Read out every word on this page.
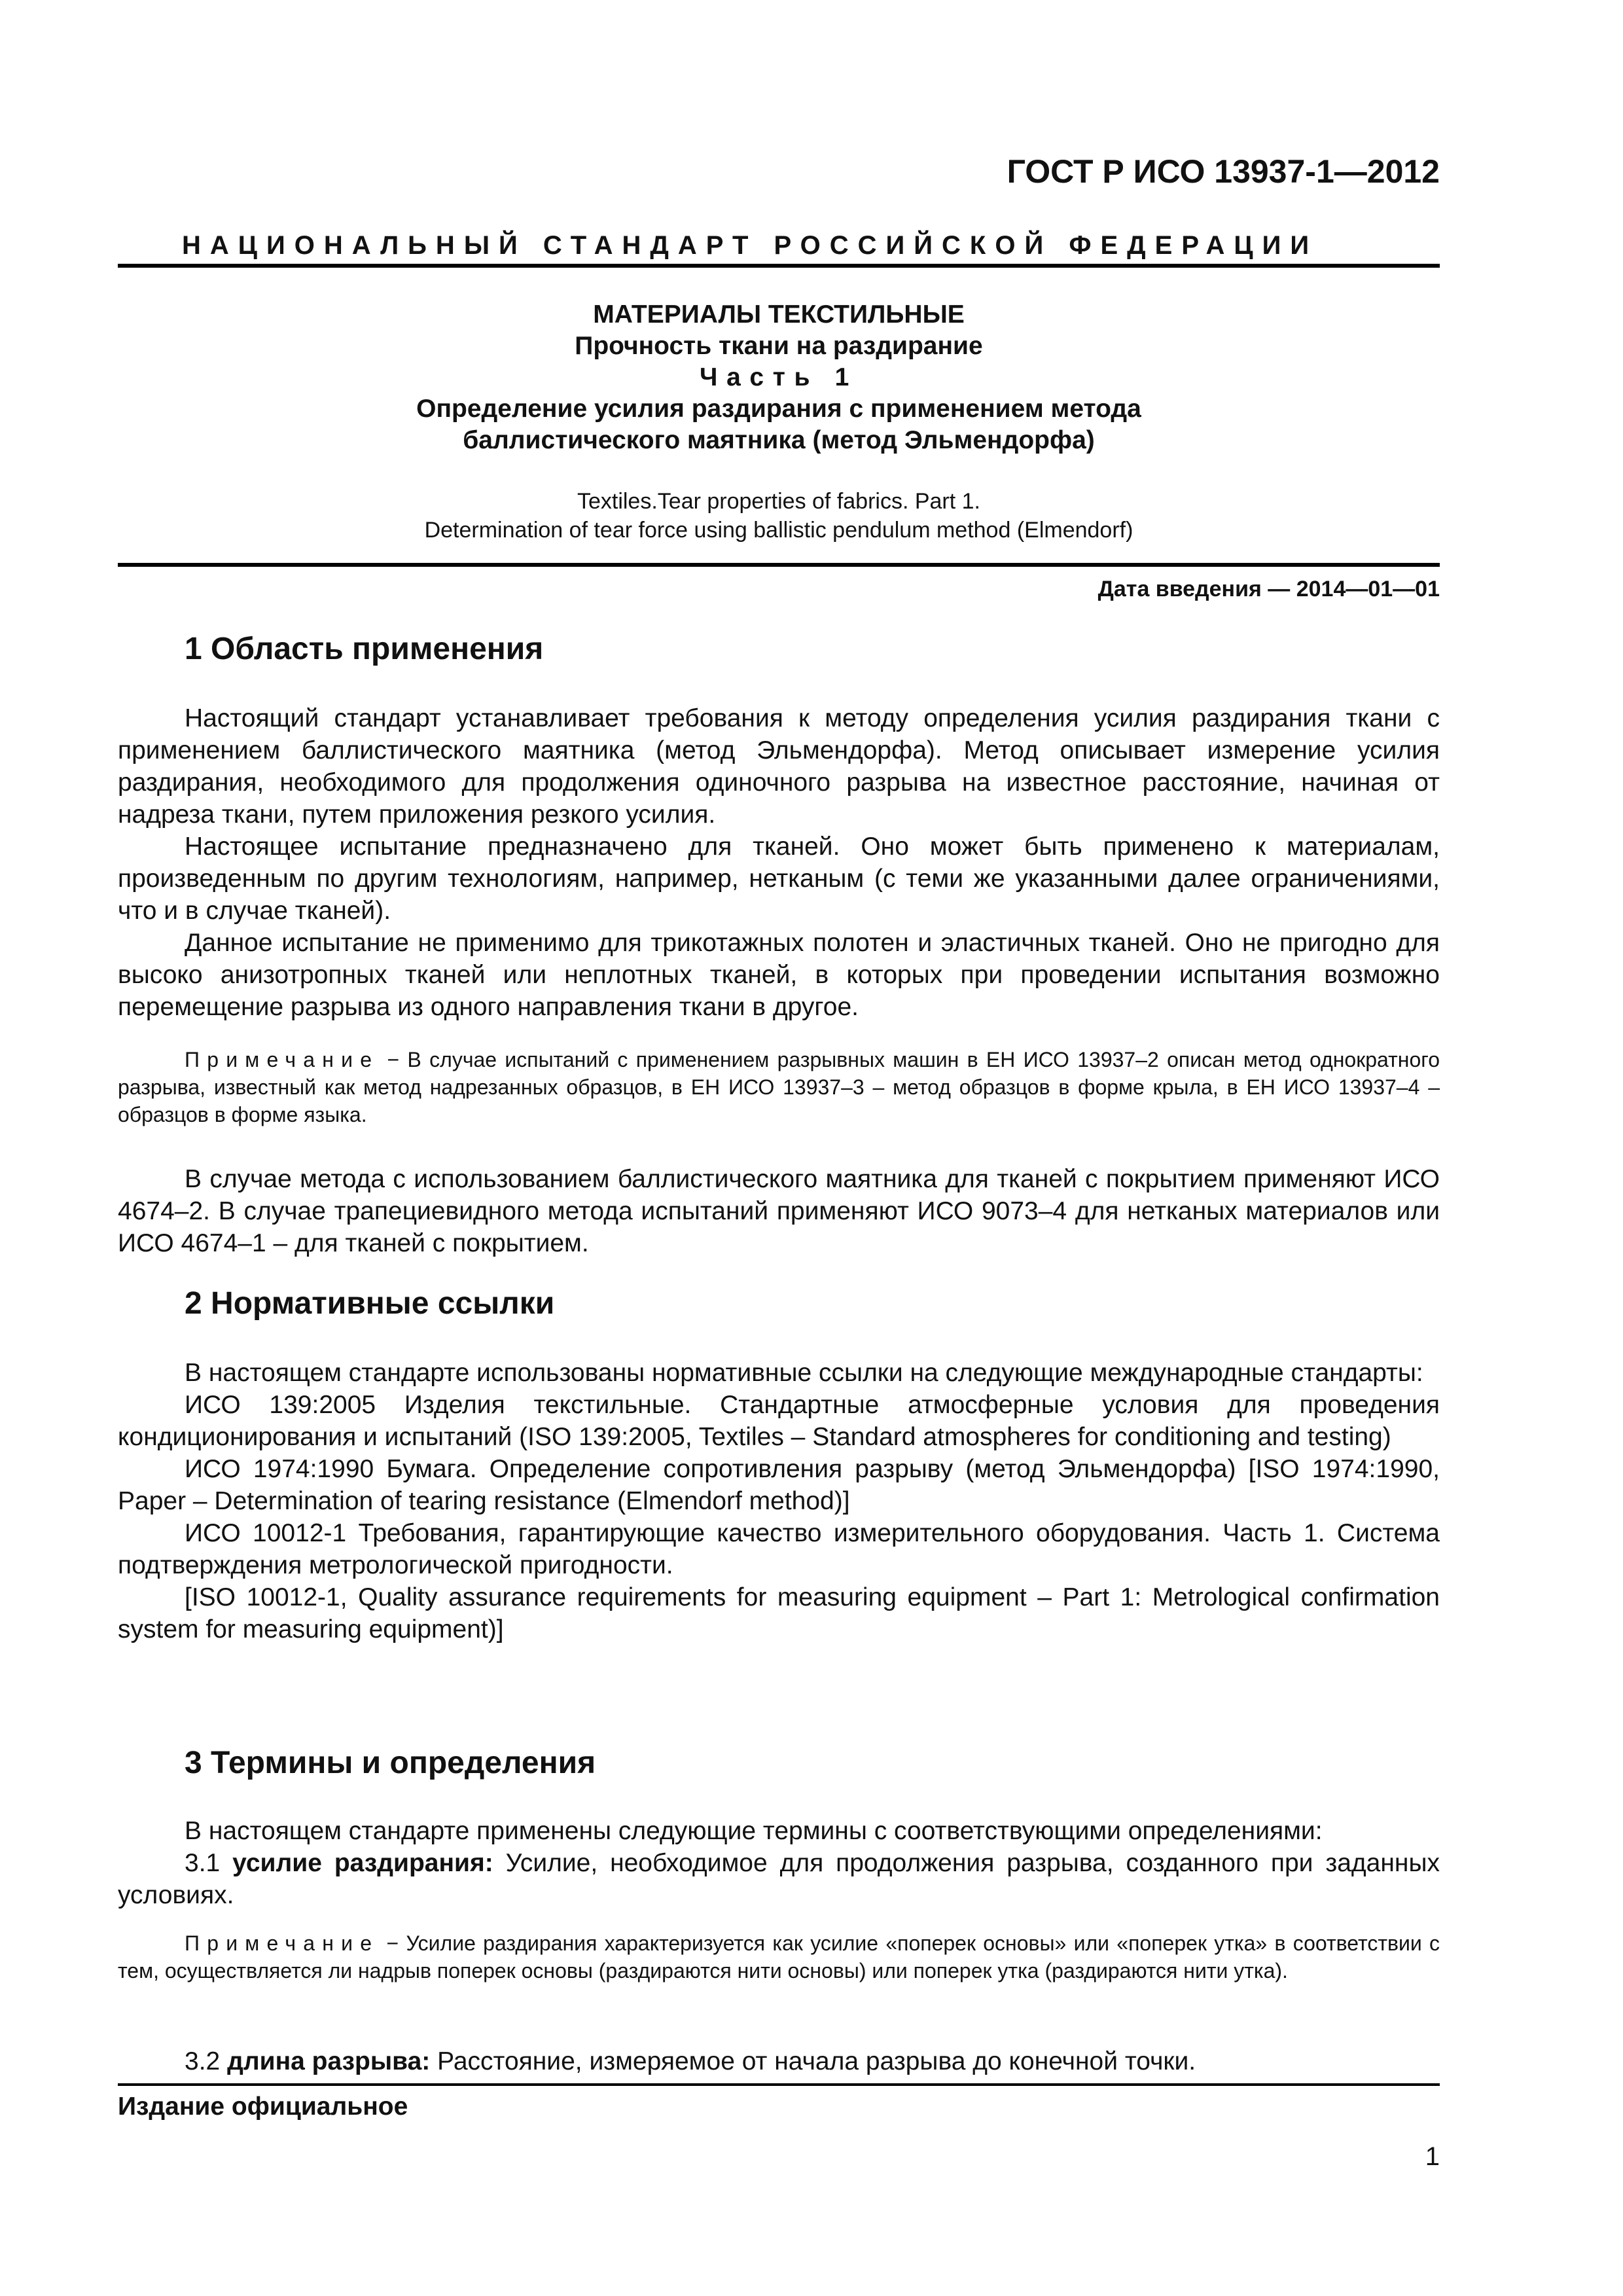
ГОСТ Р ИСО 13937-1—2012
НАЦИОНАЛЬНЫЙ СТАНДАРТ РОССИЙСКОЙ ФЕДЕРАЦИИ
МАТЕРИАЛЫ ТЕКСТИЛЬНЫЕ
Прочность ткани на раздирание
Часть 1
Определение усилия раздирания с применением метода
баллистического маятника (метод Эльмендорфа)
Textiles.Tear properties of fabrics. Part 1.
Determination of tear force using ballistic pendulum method (Elmendorf)
Дата введения — 2014—01—01
1 Область применения

Настоящий стандарт устанавливает требования к методу определения усилия раздирания ткани с применением баллистического маятника (метод Эльмендорфа). Метод описывает измерение усилия раздирания, необходимого для продолжения одиночного разрыва на известное расстояние, начиная от надреза ткани, путем приложения резкого усилия.

Настоящее испытание предназначено для тканей. Оно может быть применено к материалам, произведенным по другим технологиям, например, нетканым (с теми же указанными далее ограничениями, что и в случае тканей).

Данное испытание не применимо для трикотажных полотен и эластичных тканей. Оно не пригодно для высоко анизотропных тканей или неплотных тканей, в которых при проведении испытания возможно перемещение разрыва из одного направления ткани в другое.

Примечание − В случае испытаний с применением разрывных машин в ЕН ИСО 13937–2 описан метод однократного разрыва, известный как метод надрезанных образцов, в ЕН ИСО 13937–3 – метод образцов в форме крыла, в ЕН ИСО 13937–4 – образцов в форме языка.
В случае метода с использованием баллистического маятника для тканей с покрытием применяют ИСО 4674–2. В случае трапециевидного метода испытаний применяют ИСО 9073–4 для нетканых материалов или ИСО 4674–1 – для тканей с покрытием.
2 Нормативные ссылки

В настоящем стандарте использованы нормативные ссылки на следующие международные стандарты:

ИСО 139:2005 Изделия текстильные. Стандартные атмосферные условия для проведения кондиционирования и испытаний (ISO 139:2005, Textiles – Standard atmospheres for conditioning and testing)

ИСО 1974:1990 Бумага. Определение сопротивления разрыву (метод Эльмендорфа) [ISO 1974:1990, Paper – Determination of tearing resistance (Elmendorf method)]

ИСО 10012-1 Требования, гарантирующие качество измерительного оборудования. Часть 1. Система подтверждения метрологической пригодности.

[ISO 10012-1, Quality assurance requirements for measuring equipment – Part 1: Metrological confirmation system for measuring equipment)]

3 Термины и определения

В настоящем стандарте применены следующие термины с соответствующими определениями:

3.1 усилие раздирания: Усилие, необходимое для продолжения разрыва, созданного при заданных условиях.

Примечание − Усилие раздирания характеризуется как усилие «поперек основы» или «поперек утка» в соответствии с тем, осуществляется ли надрыв поперек основы (раздираются нити основы) или поперек утка (раздираются нити утка).
3.2 длина разрыва: Расстояние, измеряемое от начала разрыва до конечной точки.
Издание официальное
1
